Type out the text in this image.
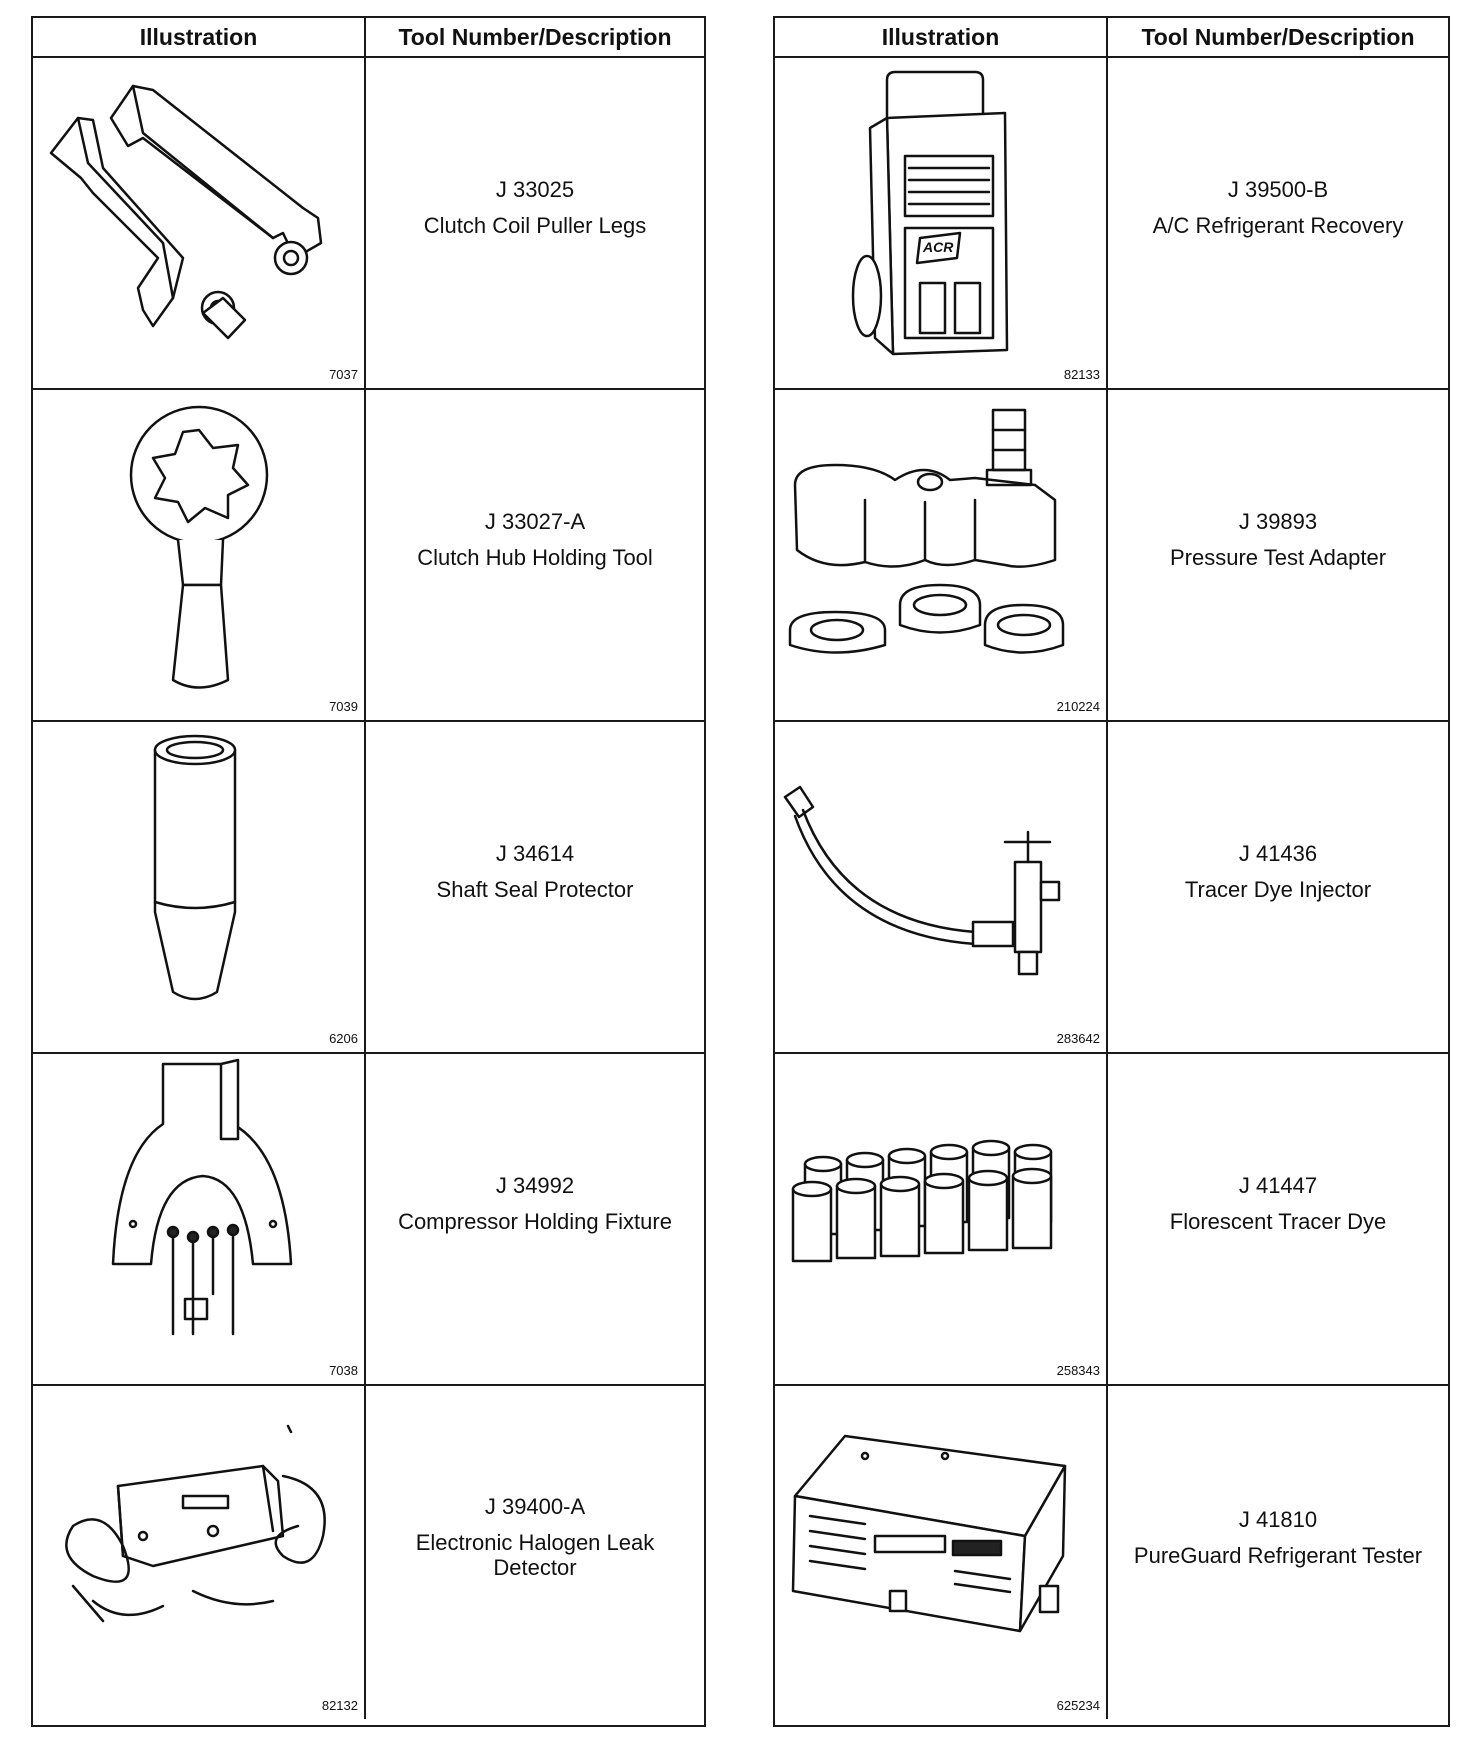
Illustration	Tool Number/Description
7037
J 33025
Clutch Coil Puller Legs
7039
J 33027-A
Clutch Hub Holding Tool
6206
J 34614
Shaft Seal Protector
7038
J 34992
Compressor Holding Fixture
82132
J 39400-A
Electronic Halogen Leak Detector
Illustration	Tool Number/Description
ACR
82133
J 39500-B
A/C Refrigerant Recovery
210224
J 39893
Pressure Test Adapter
283642
J 41436
Tracer Dye Injector
258343
J 41447
Florescent Tracer Dye
625234
J 41810
PureGuard Refrigerant Tester
